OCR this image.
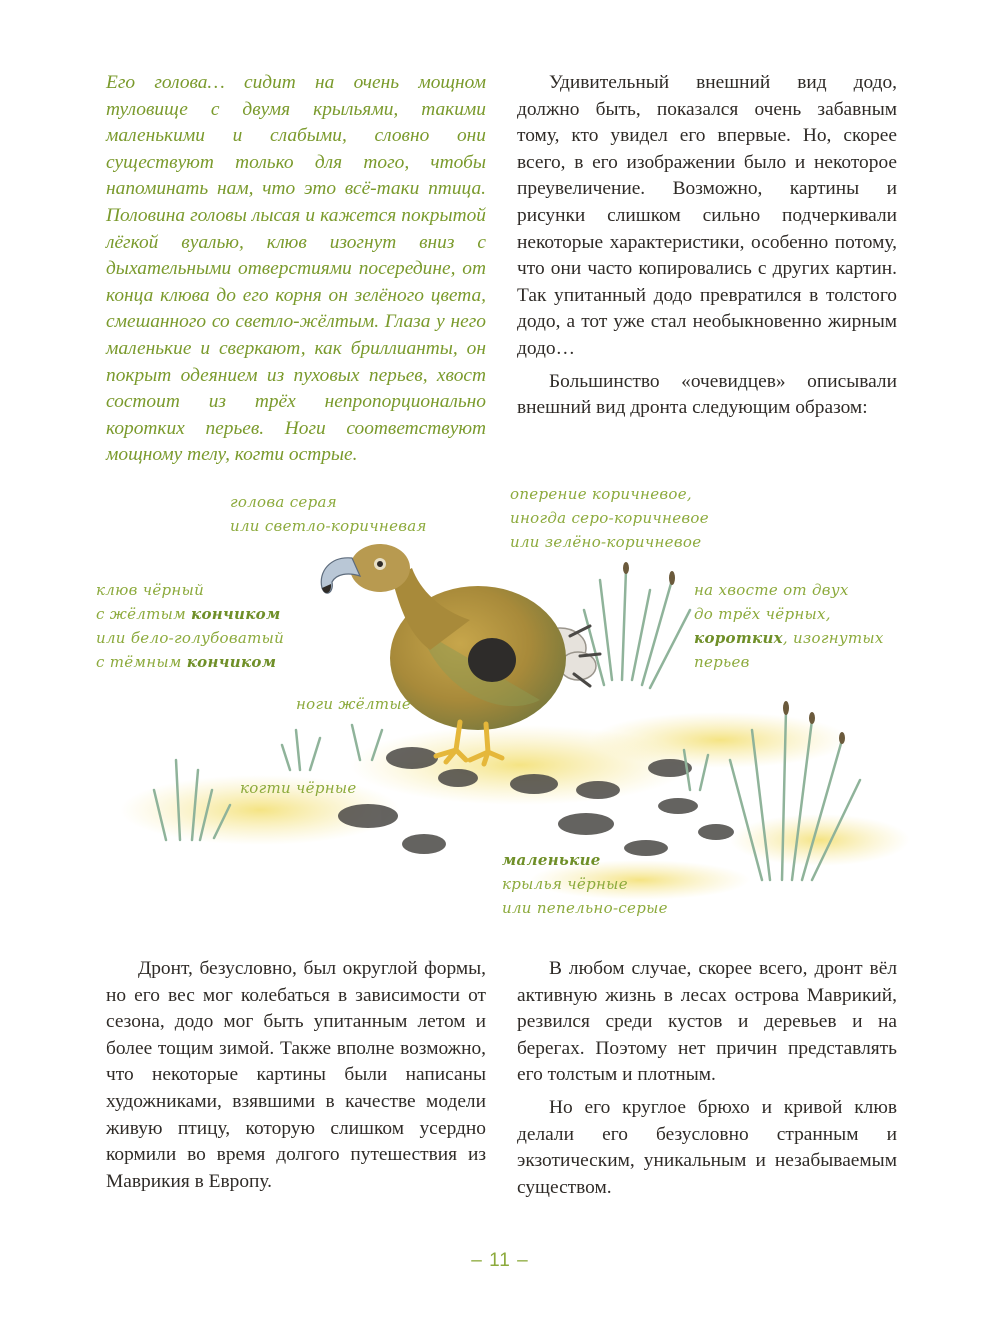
Его голова… сидит на очень мощном туловище с двумя крыльями, такими маленькими и слабыми, словно они существуют только для того, чтобы напоминать нам, что это всё-таки птица. Половина головы лысая и кажется покрытой лёгкой вуалью, клюв изогнут вниз с дыхательными отверстиями посередине, от конца клюва до его корня он зелёного цвета, смешанного со светло-жёлтым. Глаза у него маленькие и сверкают, как бриллианты, он покрыт одеянием из пуховых перьев, хвост состоит из трёх непропорционально коротких перьев. Ноги соответствуют мощному телу, когти острые.

Удивительный внешний вид додо, должно быть, показался очень забавным тому, кто увидел его впервые. Но, скорее всего, в его изображении было и некоторое преувеличение. Возможно, картины и рисунки слишком сильно подчеркивали некоторые характеристики, особенно потому, что они часто копировались с других картин. Так упитанный додо превратился в толстого додо, а тот уже стал необыкновенно жирным додо…

Большинство «очевидцев» описывали внешний вид дронта следующим образом:

голова серая
или светло-коричневая

оперение коричневое,
иногда серо-коричневое
или зелёно-коричневое

клюв чёрный
с жёлтым кончиком
или бело-голубоватый
с тёмным кончиком

на хвосте от двух
до трёх чёрных,
коротких, изогнутых
перьев

ноги жёлтые

когти чёрные

маленькие
крылья чёрные
или пепельно-серые

Дронт, безусловно, был округлой формы, но его вес мог колебаться в зависимости от сезона, додо мог быть упитанным летом и более тощим зимой. Также вполне возможно, что некоторые картины были написаны художниками, взявшими в качестве модели живую птицу, которую слишком усердно кормили во время долгого путешествия из Маврикия в Европу.

В любом случае, скорее всего, дронт вёл активную жизнь в лесах острова Маврикий, резвился среди кустов и деревьев и на берегах. Поэтому нет причин представлять его толстым и плотным.

Но его круглое брюхо и кривой клюв делали его безусловно странным и экзотическим, уникальным и незабываемым существом.

– 11 –
